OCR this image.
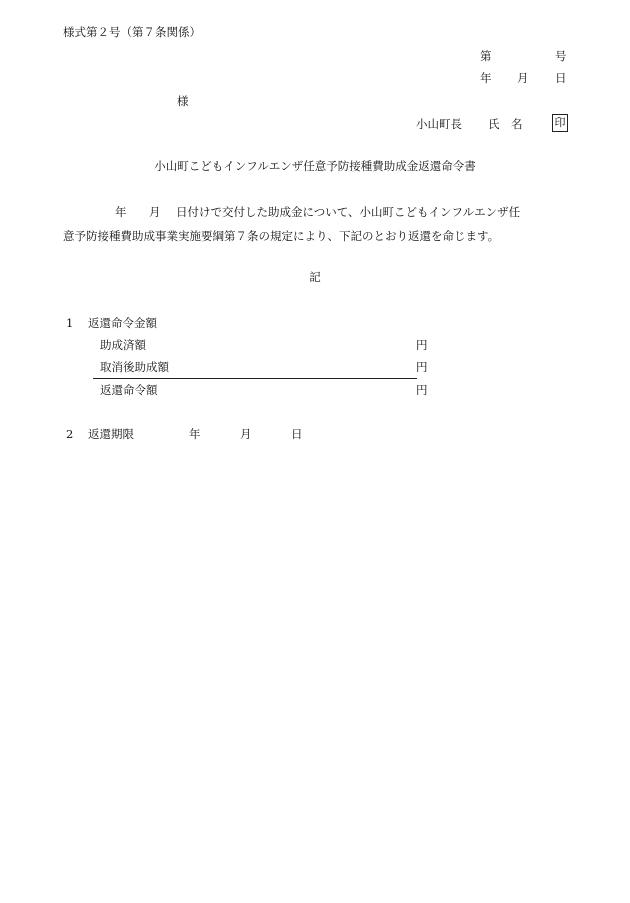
様式第２号（第７条関係）
第	号
年 月 日
様
小山町長 氏　名	印
小山町こどもインフルエンザ任意予防接種費助成金返還命令書
年 月 日付けで交付した助成金について、小山町こどもインフルエンザ任
意予防接種費助成事業実施要綱第７条の規定により、下記のとおり返還を命じます。
記
1 返還命令金額
助成済額	円
取消後助成額	円
返還命令額	円
2 返還期限	年	月	日
